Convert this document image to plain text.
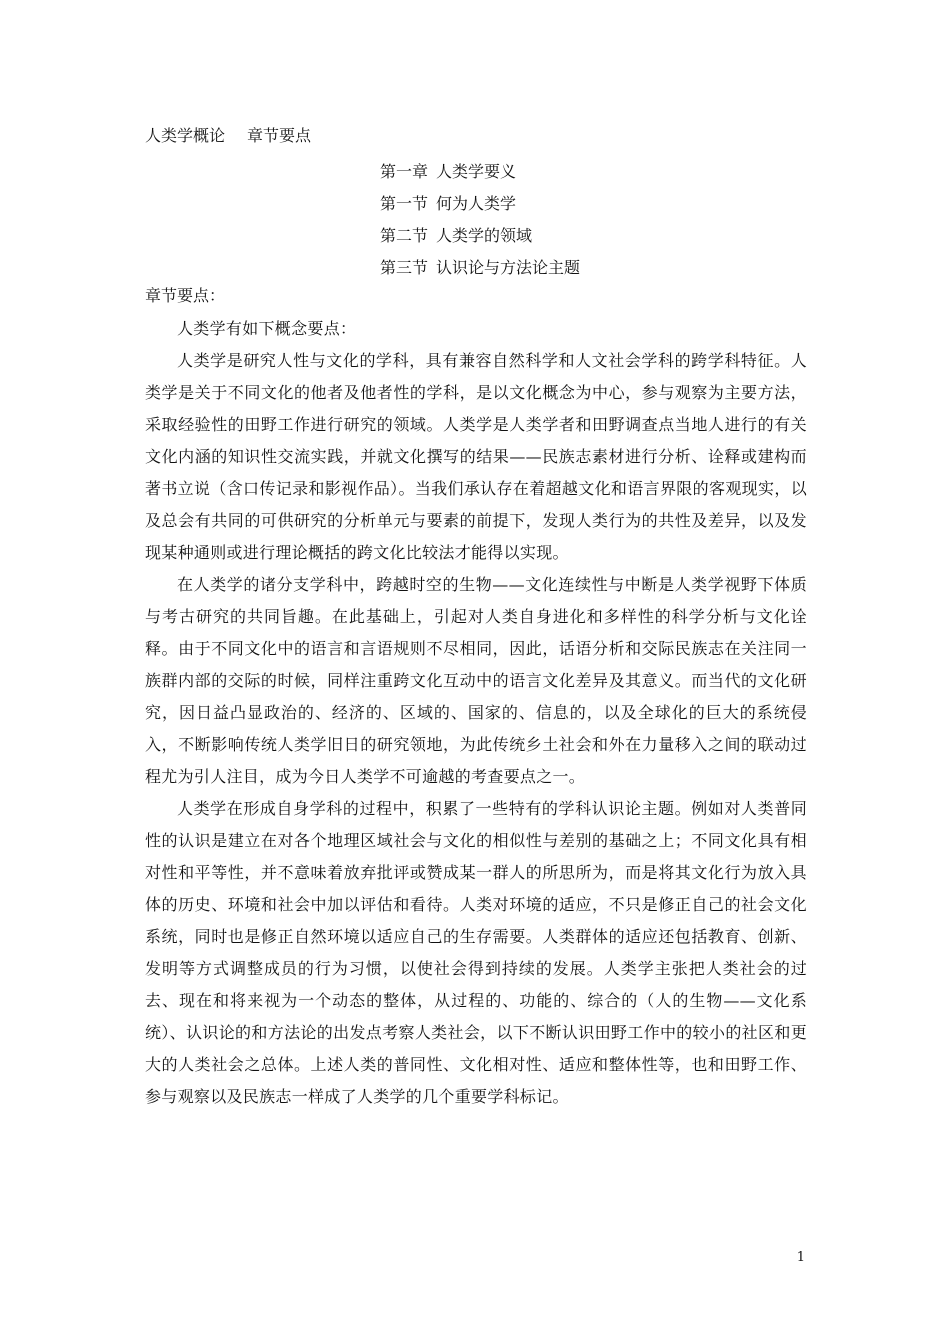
人类学概论 章节要点
第一章 人类学要义
第一节 何为人类学
第二节 人类学的领域
第三节 认识论与方法论主题
章节要点：

人类学有如下概念要点：

人类学是研究人性与文化的学科，具有兼容自然科学和人文社会学科的跨学科特征。人类学是关于不同文化的他者及他者性的学科，是以文化概念为中心，参与观察为主要方法，采取经验性的田野工作进行研究的领域。人类学是人类学者和田野调查点当地人进行的有关文化内涵的知识性交流实践，并就文化撰写的结果——民族志素材进行分析、诠释或建构而著书立说（含口传记录和影视作品）。当我们承认存在着超越文化和语言界限的客观现实，以及总会有共同的可供研究的分析单元与要素的前提下，发现人类行为的共性及差异，以及发现某种通则或进行理论概括的跨文化比较法才能得以实现。

在人类学的诸分支学科中，跨越时空的生物——文化连续性与中断是人类学视野下体质与考古研究的共同旨趣。在此基础上，引起对人类自身进化和多样性的科学分析与文化诠释。由于不同文化中的语言和言语规则不尽相同，因此，话语分析和交际民族志在关注同一族群内部的交际的时候，同样注重跨文化互动中的语言文化差异及其意义。而当代的文化研究，因日益凸显政治的、经济的、区域的、国家的、信息的，以及全球化的巨大的系统侵入，不断影响传统人类学旧日的研究领地，为此传统乡土社会和外在力量移入之间的联动过程尤为引人注目，成为今日人类学不可逾越的考查要点之一。

人类学在形成自身学科的过程中，积累了一些特有的学科认识论主题。例如对人类普同性的认识是建立在对各个地理区域社会与文化的相似性与差别的基础之上；不同文化具有相对性和平等性，并不意味着放弃批评或赞成某一群人的所思所为，而是将其文化行为放入具体的历史、环境和社会中加以评估和看待。人类对环境的适应，不只是修正自己的社会文化系统，同时也是修正自然环境以适应自己的生存需要。人类群体的适应还包括教育、创新、发明等方式调整成员的行为习惯，以使社会得到持续的发展。人类学主张把人类社会的过去、现在和将来视为一个动态的整体，从过程的、功能的、综合的（人的生物——文化系统）、认识论的和方法论的出发点考察人类社会，以下不断认识田野工作中的较小的社区和更大的人类社会之总体。上述人类的普同性、文化相对性、适应和整体性等，也和田野工作、参与观察以及民族志一样成了人类学的几个重要学科标记。

1
